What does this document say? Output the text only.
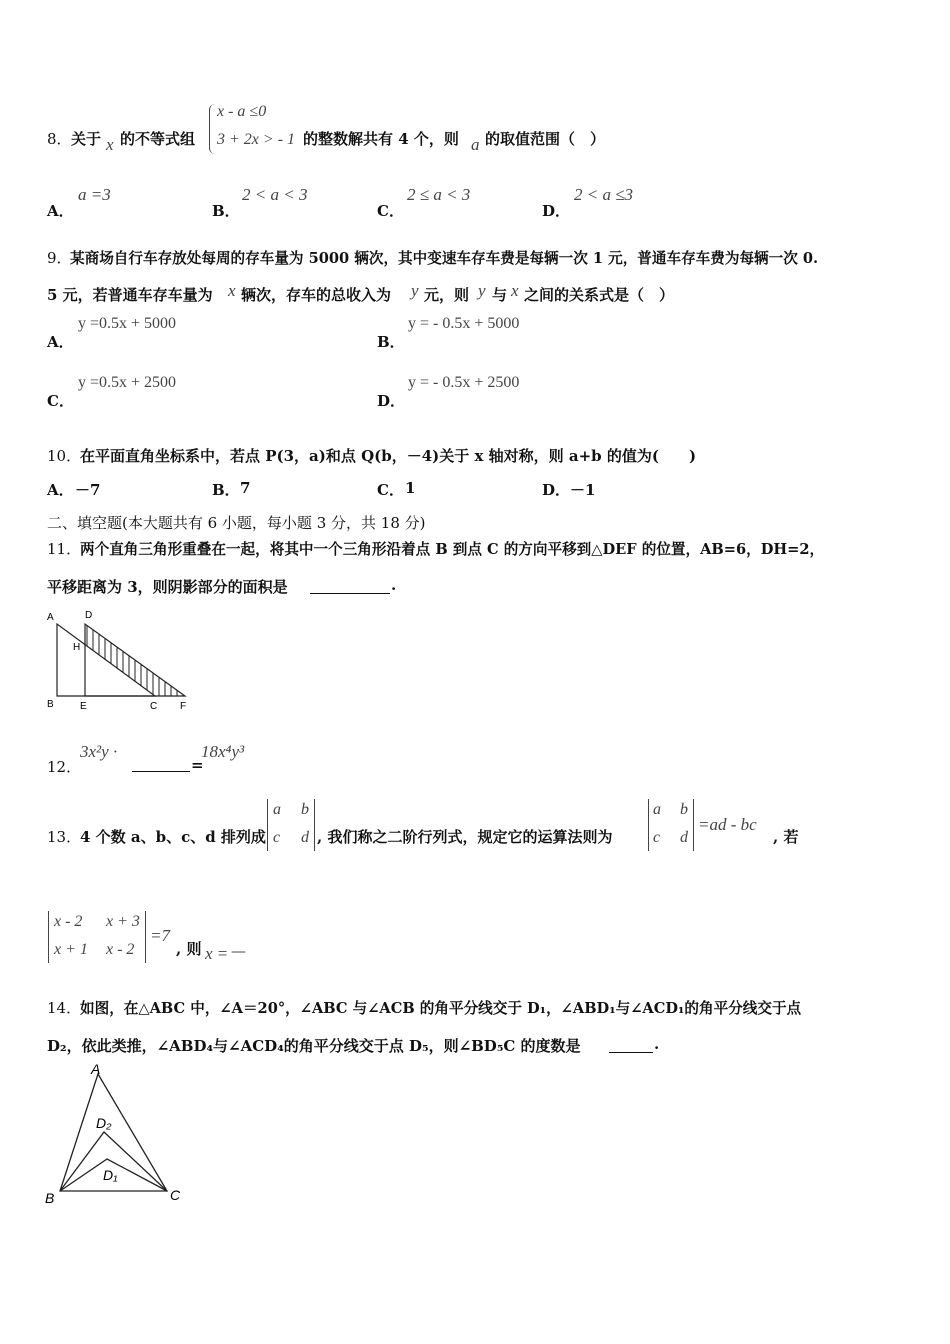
8． 关于 x 的不等式组
x - a ≤0
3 + 2x > - 1 的整数解共有 4 个，则 a 的取值范围（　）
A．
a =3
B．
2 < a < 3
C．
2 ≤ a < 3
D．
2 < a ≤3
9．
某商场自行车存放处每周的存车量为 5000 辆次，其中变速车存车费是每辆一次 1 元，普通车存车费为每辆一次 0.
5 元，若普通车存车量为 x 辆次，存车的总收入为 y 元，则 y 与 x 之间的关系式是（　）
A．
y =0.5x + 5000
B．
y = - 0.5x + 5000
C．
y =0.5x + 2500
D．
y = - 0.5x + 2500
10．
在平面直角坐标系中，若点 P(3，a)和点 Q(b，－4)关于 x 轴对称，则 a+b 的值为(　　)
A． －7	B． 7	C． 1	D． －1
二、填空题(本大题共有 6 小题，每小题 3 分，共 18 分)
11．
两个直角三角形重叠在一起，将其中一个三角形沿着点 B 到点 C 的方向平移到△DEF 的位置，AB=6，DH=2，
平移距离为 3，则阴影部分的面积是	.
A	D
H
B	E	C F
12．
3x²y ·
=
18x⁴y³
13．
4 个数 a、b、c、d 排列成
a b
c d , 我们称之二阶行列式，规定它的运算法则为
a b
c d
=ad - bc
, 若
x - 2 x + 3
x + 1 x - 2
=7
, 则 x = —
14．
如图，在△ABC 中，∠A＝20°，∠ABC 与∠ACB 的角平分线交于 D₁，∠ABD₁与∠ACD₁的角平分线交于点
D₂，依此类推，∠ABD₄与∠ACD₄的角平分线交于点 D₅，则∠BD₅C 的度数是	.
A
D₂
D₁
B	C
